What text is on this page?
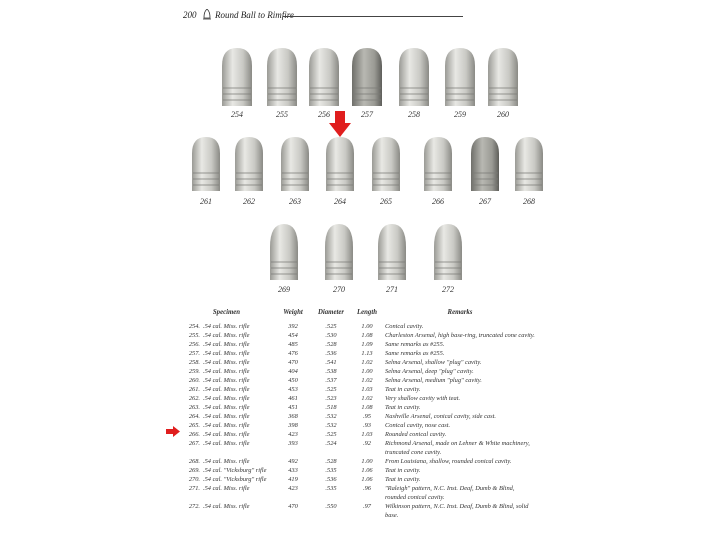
200 Round Ball to Rimfire
254	255	256	257	258	259	260
261	262	263	264	265	266	267	268
269	270	271	272
Specimen		Weight	Diameter	Length	Remarks
254.	.54 cal. Miss. rifle	392	.525	1.00	Conical cavity.
255.	.54 cal. Miss. rifle	454	.530	1.08	Charleston Arsenal, high base-ring, truncated cone cavity.
256.	.54 cal. Miss. rifle	485	.528	1.09	Same remarks as #255.
257.	.54 cal. Miss. rifle	476	.536	1.13	Same remarks as #255.
258.	.54 cal. Miss. rifle	470	.541	1.02	Selma Arsenal, shallow "plug" cavity.
259.	.54 cal. Miss. rifle	404	.538	1.00	Selma Arsenal, deep "plug" cavity.
260.	.54 cal. Miss. rifle	450	.537	1.02	Selma Arsenal, medium "plug" cavity.
261.	.54 cal. Miss. rifle	453	.525	1.03	Teat in cavity.
262.	.54 cal. Miss. rifle	461	.523	1.02	Very shallow cavity with teat.
263.	.54 cal. Miss. rifle	451	.518	1.08	Teat in cavity.
264.	.54 cal. Miss. rifle	368	.532	.95	Nashville Arsenal, conical cavity, side cast.
265.	.54 cal. Miss. rifle	398	.532	.93	Conical cavity, nose cast.
266.	.54 cal. Miss. rifle	423	.525	1.03	Rounded conical cavity.
267.	.54 cal. Miss. rifle	393	.524	.92	Richmond Arsenal, made on Lehner & White machinery, truncated cone cavity.
268.	.54 cal. Miss. rifle	492	.528	1.00	From Louisiana, shallow, rounded conical cavity.
269.	.54 cal. "Vicksburg" rifle	433	.535	1.06	Teat in cavity.
270.	.54 cal. "Vicksburg" rifle	419	.536	1.06	Teat in cavity.
271.	.54 cal. Miss. rifle	423	.535	.96	"Raleigh" pattern, N.C. Inst. Deaf, Dumb & Blind, rounded conical cavity.
272.	.54 cal. Miss. rifle	470	.550	.97	Wilkinson pattern, N.C. Inst. Deaf, Dumb & Blind, solid base.
